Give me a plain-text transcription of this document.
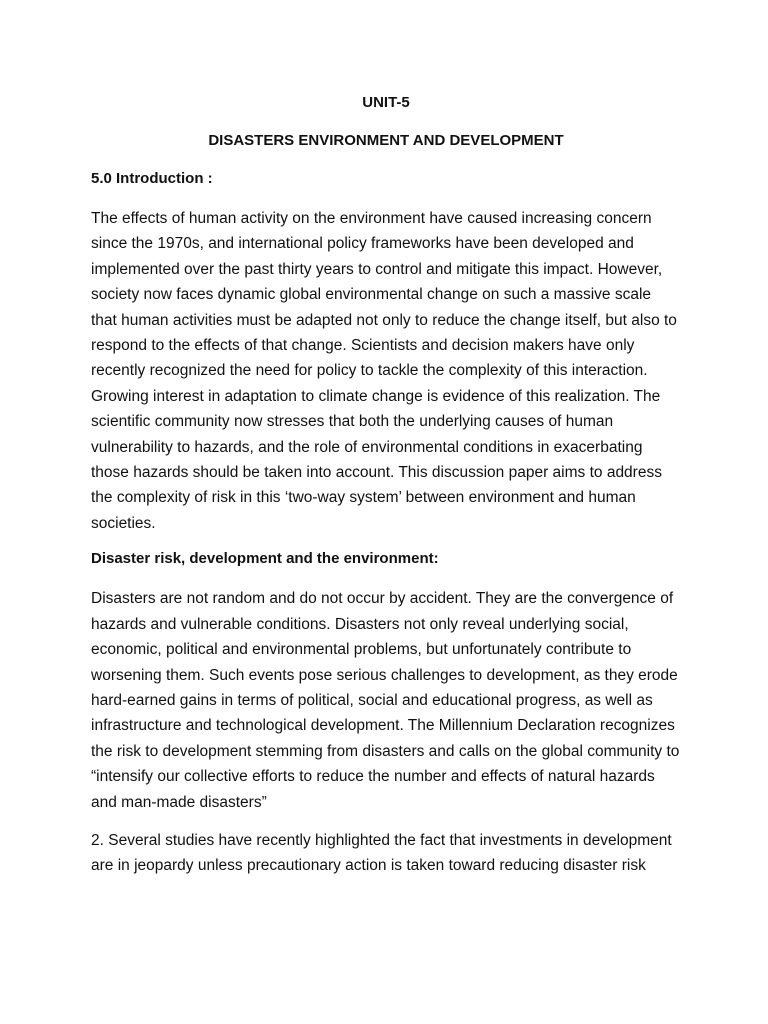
UNIT-5
DISASTERS ENVIRONMENT AND DEVELOPMENT
5.0 Introduction :

The effects of human activity on the environment have caused increasing concern since the 1970s, and international policy frameworks have been developed and implemented over the past thirty years to control and mitigate this impact. However, society now faces dynamic global environmental change on such a massive scale that human activities must be adapted not only to reduce the change itself, but also to respond to the effects of that change. Scientists and decision makers have only recently recognized the need for policy to tackle the complexity of this interaction. Growing interest in adaptation to climate change is evidence of this realization. The scientific community now stresses that both the underlying causes of human vulnerability to hazards, and the role of environmental conditions in exacerbating those hazards should be taken into account. This discussion paper aims to address the complexity of risk in this ‘two-way system’ between environment and human societies.

Disaster risk, development and the environment:

Disasters are not random and do not occur by accident. They are the convergence of hazards and vulnerable conditions. Disasters not only reveal underlying social, economic, political and environmental problems, but unfortunately contribute to worsening them. Such events pose serious challenges to development, as they erode hard-earned gains in terms of political, social and educational progress, as well as infrastructure and technological development. The Millennium Declaration recognizes the risk to development stemming from disasters and calls on the global community to “intensify our collective efforts to reduce the number and effects of natural hazards and man-made disasters”

2. Several studies have recently highlighted the fact that investments in development are in jeopardy unless precautionary action is taken toward reducing disaster risk
